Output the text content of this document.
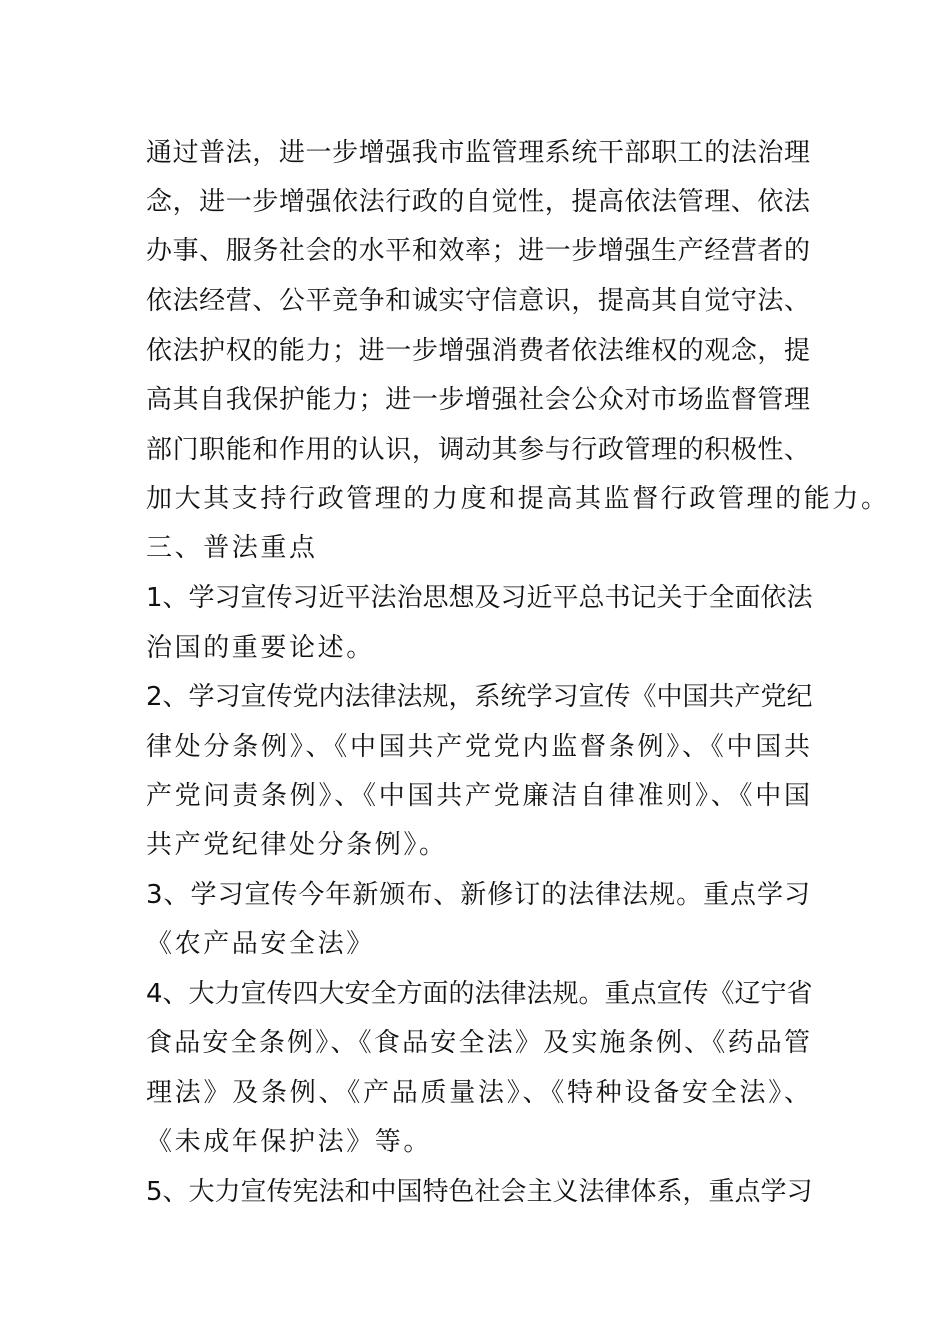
通过普法，进一步增强我市监管理系统干部职工的法治理
念，进一步增强依法行政的自觉性，提高依法管理、依法
办事、服务社会的水平和效率；进一步增强生产经营者的
依法经营、公平竞争和诚实守信意识，提高其自觉守法、
依法护权的能力；进一步增强消费者依法维权的观念，提
高其自我保护能力；进一步增强社会公众对市场监督管理
部门职能和作用的认识，调动其参与行政管理的积极性、
加大其支持行政管理的力度和提高其监督行政管理的能力。
三、普法重点
1、学习宣传习近平法治思想及习近平总书记关于全面依法
治国的重要论述。
2、学习宣传党内法律法规，系统学习宣传《中国共产党纪
律处分条例》、《中国共产党党内监督条例》、《中国共
产党问责条例》、《中国共产党廉洁自律准则》、《中国
共产党纪律处分条例》。
3、学习宣传今年新颁布、新修订的法律法规。重点学习
《农产品安全法》
4、大力宣传四大安全方面的法律法规。重点宣传《辽宁省
食品安全条例》、《食品安全法》及实施条例、《药品管
理法》及条例、《产品质量法》、《特种设备安全法》、
《未成年保护法》等。
5、大力宣传宪法和中国特色社会主义法律体系，重点学习
